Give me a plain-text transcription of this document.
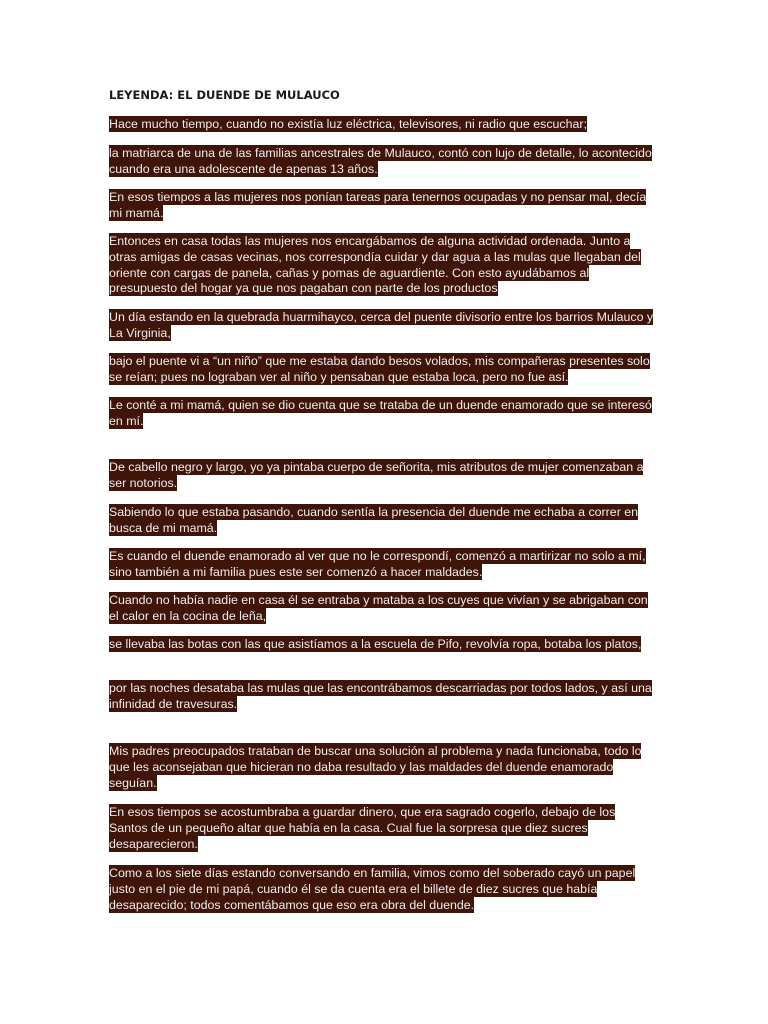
LEYENDA: EL DUENDE DE MULAUCO

Hace mucho tiempo, cuando no existía luz eléctrica, televisores, ni radio que escuchar;

la matriarca de una de las familias ancestrales de Mulauco, contó con lujo de detalle, lo acontecido cuando era una adolescente de apenas 13 años.

En esos tiempos a las mujeres nos ponían tareas para tenernos ocupadas y no pensar mal, decía mi mamá.

Entonces en casa todas las mujeres nos encargábamos de alguna actividad ordenada. Junto a otras amigas de casas vecinas, nos correspondía cuidar y dar agua a las mulas que llegaban del oriente con cargas de panela, cañas y pomas de aguardiente. Con esto ayudábamos al presupuesto del hogar ya que nos pagaban con parte de los productos

Un día estando en la quebrada huarmihayco, cerca del puente divisorio entre los barrios Mulauco y La Virginia,

bajo el puente vi a “un niño” que me estaba dando besos volados, mis compañeras presentes solo se reían; pues no lograban ver al niño y pensaban que estaba loca, pero no fue así.

Le conté a mi mamá, quien se dio cuenta que se trataba de un duende enamorado que se interesó en mí.

De cabello negro y largo, yo ya pintaba cuerpo de señorita, mis atributos de mujer comenzaban a ser notorios.

Sabiendo lo que estaba pasando, cuando sentía la presencia del duende me echaba a correr en busca de mi mamá.

Es cuando el duende enamorado al ver que no le correspondí, comenzó a martirizar no solo a mí, sino también a mi familia pues este ser comenzó a hacer maldades.

Cuando no había nadie en casa él se entraba y mataba a los cuyes que vivían y se abrigaban con el calor en la cocina de leña,

se llevaba las botas con las que asistíamos a la escuela de Pifo, revolvía ropa, botaba los platos,

por las noches desataba las mulas que las encontrábamos descarriadas por todos lados, y así una infinidad de travesuras.

Mis padres preocupados trataban de buscar una solución al problema y nada funcionaba, todo lo que les aconsejaban que hicieran no daba resultado y las maldades del duende enamorado seguían.

En esos tiempos se acostumbraba a guardar dinero, que era sagrado cogerlo, debajo de los Santos de un pequeño altar que había en la casa. Cual fue la sorpresa que diez sucres desaparecieron.

Como a los siete días estando conversando en familia, vimos como del soberado cayó un papel justo en el pie de mi papá, cuando él se da cuenta era el billete de diez sucres que había desaparecido; todos comentábamos que eso era obra del duende.
